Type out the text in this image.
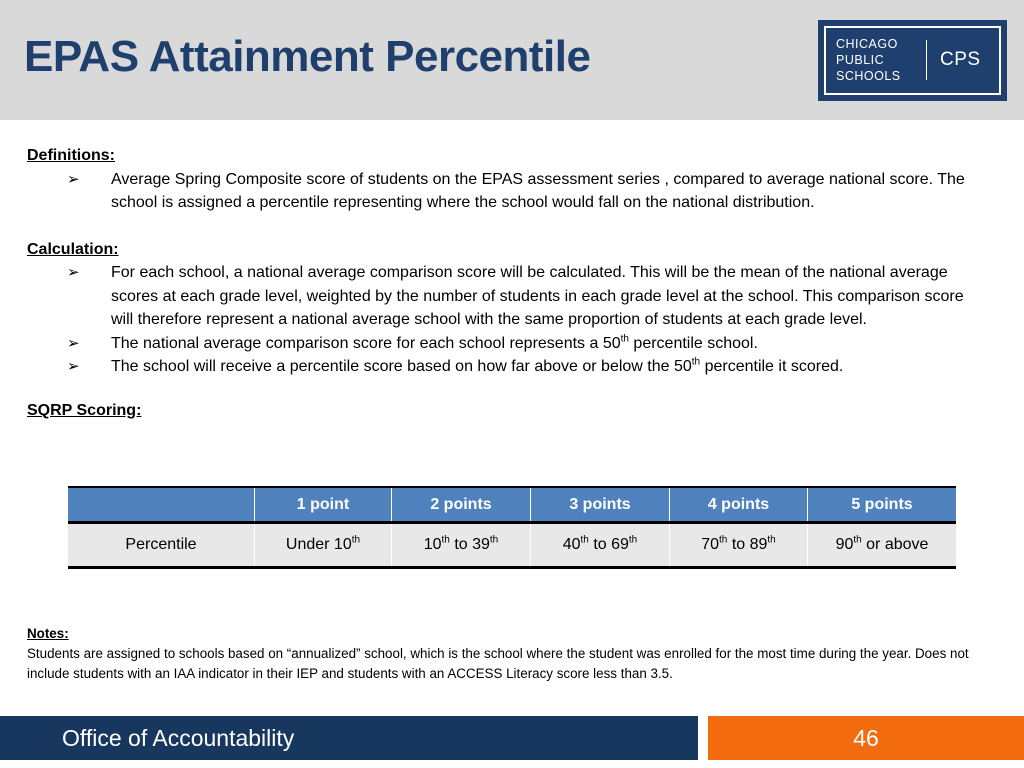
EPAS Attainment Percentile	CHICAGO
PUBLIC
SCHOOLS
CPS

Definitions:

➢ Average Spring Composite score of students on the EPAS assessment series , compared to average national score. The school is assigned a percentile representing where the school would fall on the national distribution.

Calculation:

➢ For each school, a national average comparison score will be calculated. This will be the mean of the national average scores at each grade level, weighted by the number of students in each grade level at the school. This comparison score will therefore represent a national average school with the same proportion of students at each grade level.
➢ The national average comparison score for each school represents a 50th percentile school.
➢ The school will receive a percentile score based on how far above or below the 50th percentile it scored.

SQRP Scoring:

	1 point	2 points	3 points	4 points	5 points
Percentile	Under 10th	10th to 39th	40th to 69th	70th to 89th	90th or above
Notes:
Students are assigned to schools based on “annualized” school, which is the school where the student was enrolled for the most time during the year. Does not include students with an IAA indicator in their IEP and students with an ACCESS Literacy score less than 3.5.
Office of Accountability	46
